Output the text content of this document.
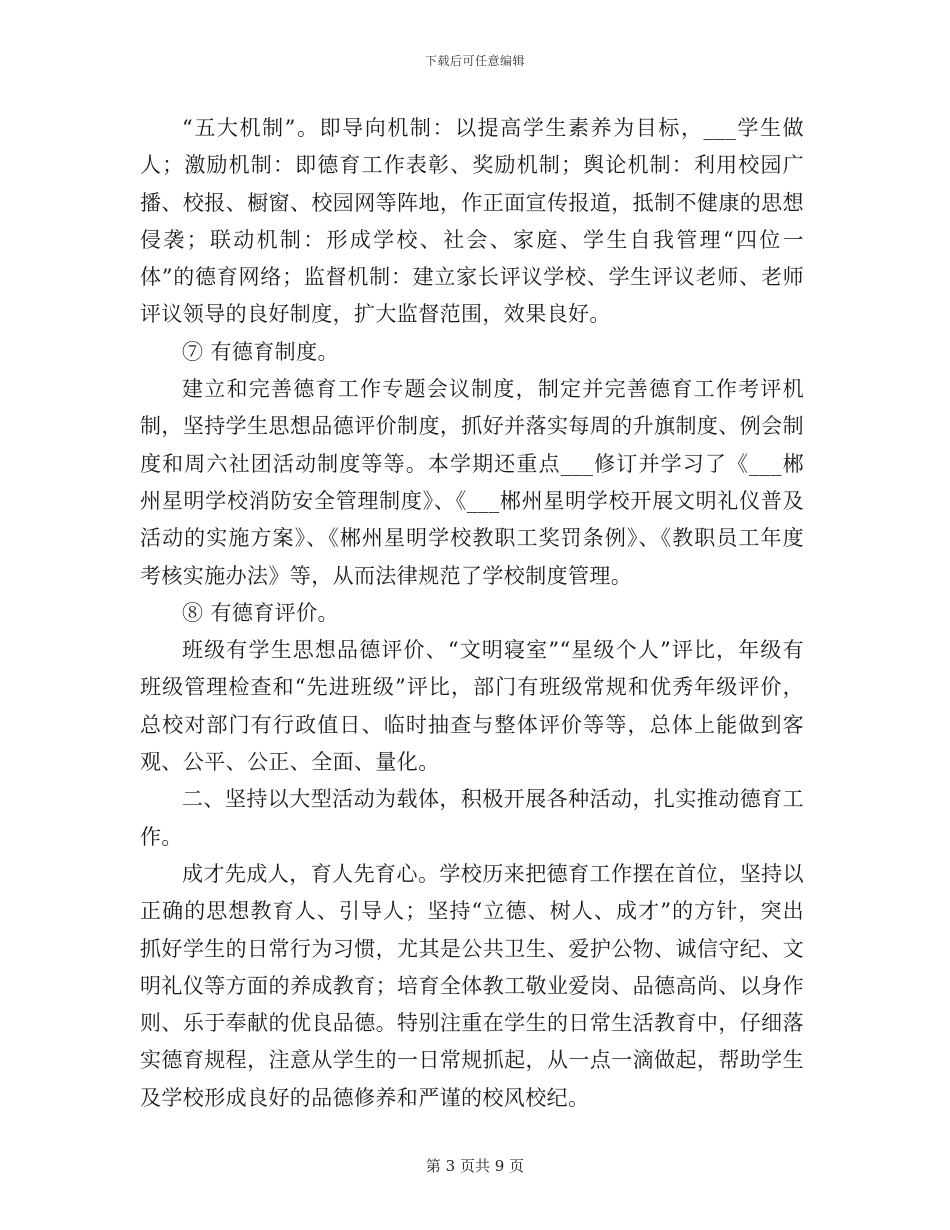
下载后可任意编辑

“五大机制”。即导向机制：以提高学生素养为目标，___学生做人；激励机制：即德育工作表彰、奖励机制；舆论机制：利用校园广播、校报、橱窗、校园网等阵地，作正面宣传报道，抵制不健康的思想侵袭；联动机制：形成学校、社会、家庭、学生自我管理“四位一体”的德育网络；监督机制：建立家长评议学校、学生评议老师、老师评议领导的良好制度，扩大监督范围，效果良好。

⑦ 有德育制度。

建立和完善德育工作专题会议制度，制定并完善德育工作考评机制，坚持学生思想品德评价制度，抓好并落实每周的升旗制度、例会制度和周六社团活动制度等等。本学期还重点___修订并学习了《___郴州星明学校消防安全管理制度》、《___郴州星明学校开展文明礼仪普及活动的实施方案》、《郴州星明学校教职工奖罚条例》、《教职员工年度考核实施办法》等，从而法律规范了学校制度管理。

⑧ 有德育评价。

班级有学生思想品德评价、“文明寝室”“星级个人”评比，年级有班级管理检查和“先进班级”评比，部门有班级常规和优秀年级评价，总校对部门有行政值日、临时抽查与整体评价等等，总体上能做到客观、公平、公正、全面、量化。

二、坚持以大型活动为载体，积极开展各种活动，扎实推动德育工作。

成才先成人，育人先育心。学校历来把德育工作摆在首位，坚持以正确的思想教育人、引导人；坚持“立德、树人、成才”的方针，突出抓好学生的日常行为习惯，尤其是公共卫生、爱护公物、诚信守纪、文明礼仪等方面的养成教育；培育全体教工敬业爱岗、品德高尚、以身作则、乐于奉献的优良品德。特别注重在学生的日常生活教育中，仔细落实德育规程，注意从学生的一日常规抓起，从一点一滴做起，帮助学生及学校形成良好的品德修养和严谨的校风校纪。

第 3 页共 9 页
